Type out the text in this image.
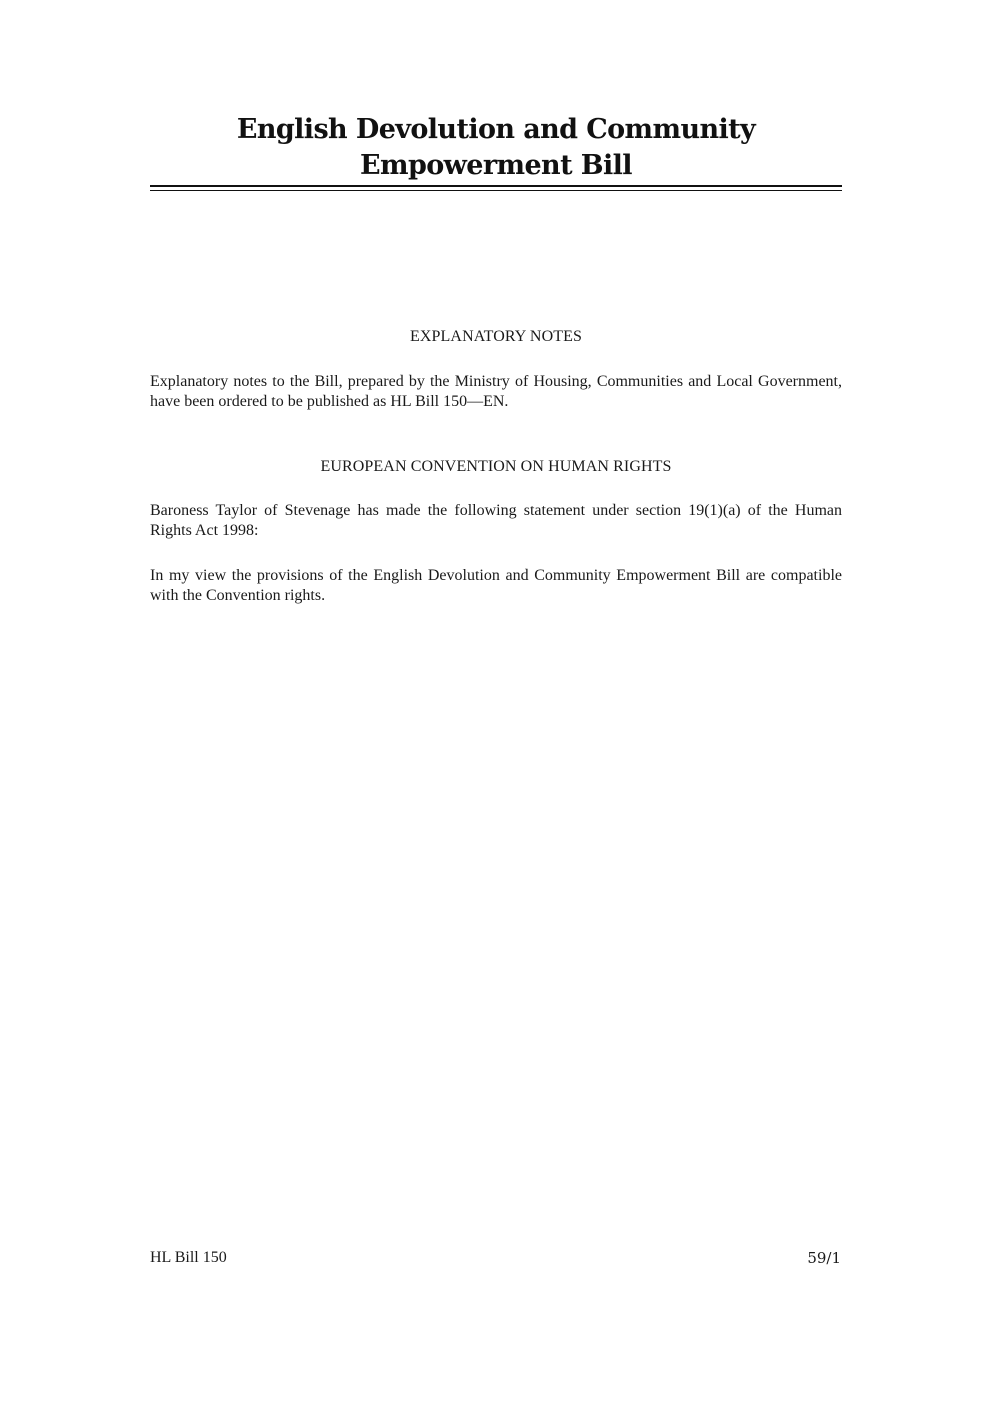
English Devolution and Community Empowerment Bill
EXPLANATORY NOTES

Explanatory notes to the Bill, prepared by the Ministry of Housing, Communities and Local Government, have been ordered to be published as HL Bill 150—EN.

EUROPEAN CONVENTION ON HUMAN RIGHTS

Baroness Taylor of Stevenage has made the following statement under section 19(1)(a) of the Human Rights Act 1998:

In my view the provisions of the English Devolution and Community Empowerment Bill are compatible with the Convention rights.

HL Bill 150	59/1
